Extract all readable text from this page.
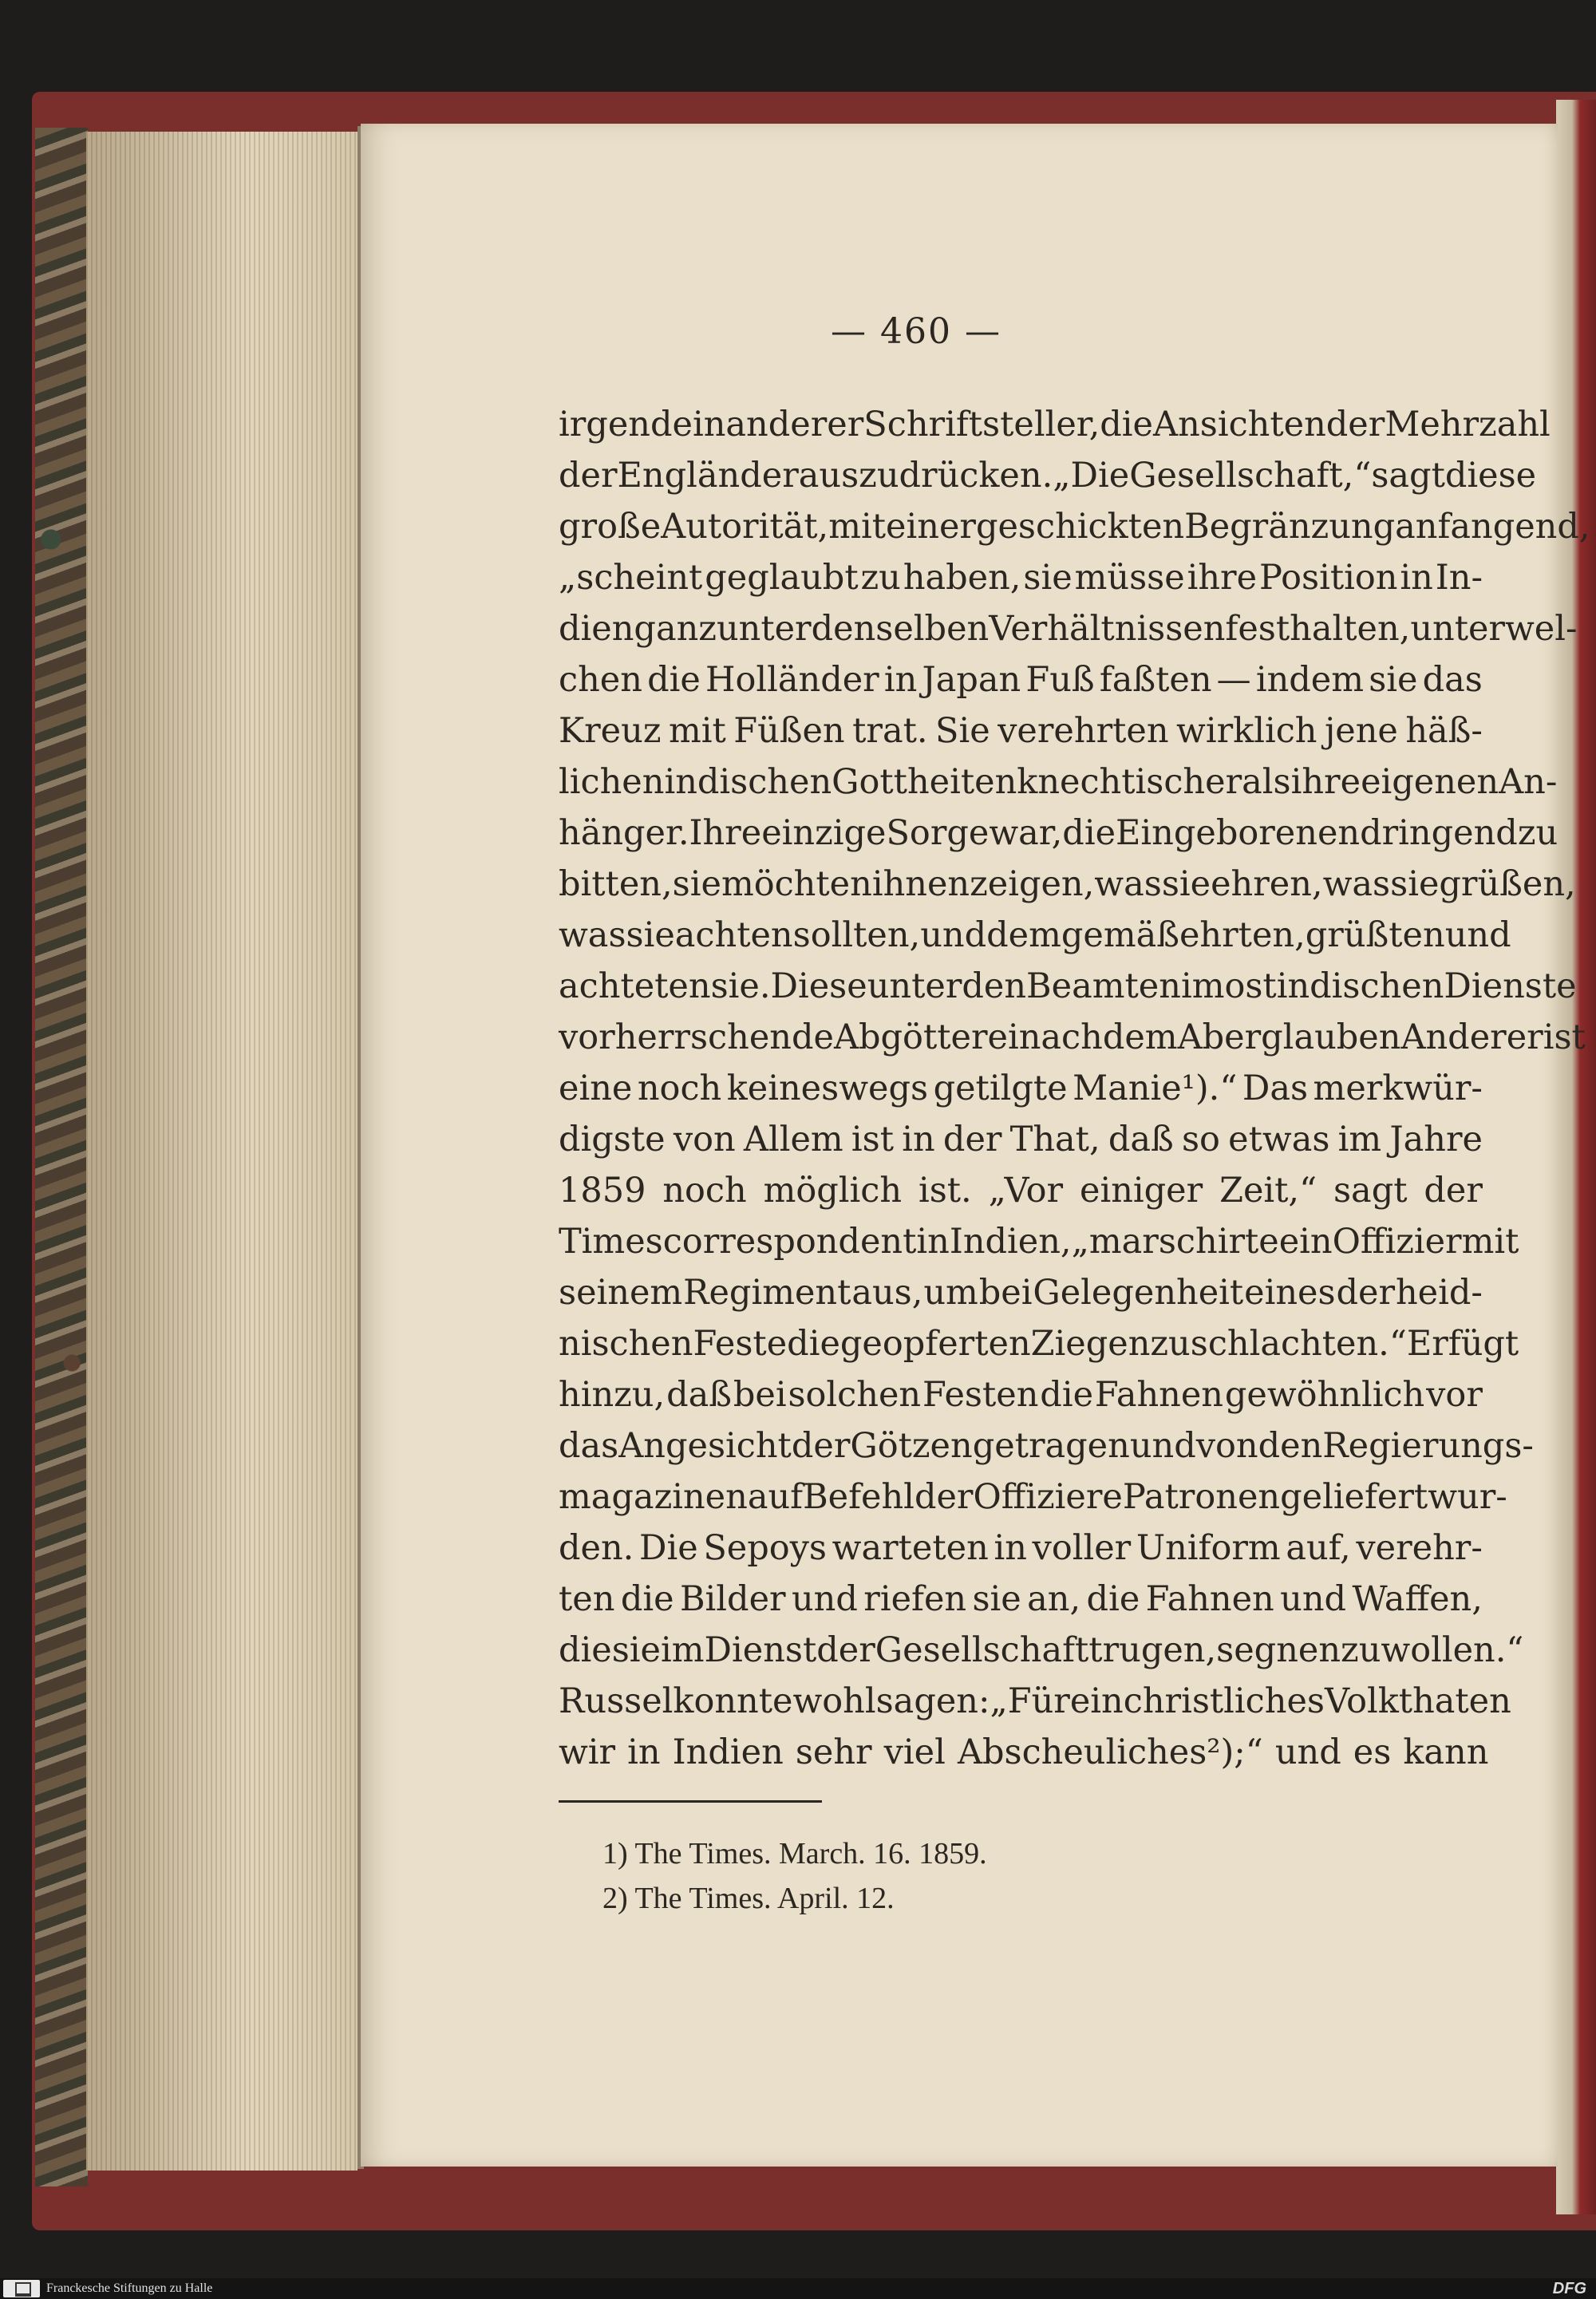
— 460 —
irgend ein anderer Schriftsteller, die Ansichten der Mehrzahl
der Engländer auszudrücken. „Die Gesellschaft,“ sagt diese
große Autorität, mit einer geschickten Begränzung anfangend,
„scheint geglaubt zu haben, sie müsse ihre Position in In-
dien ganz unter denselben Verhältnissen festhalten, unter wel-
chen die Holländer in Japan Fuß faßten — indem sie das
Kreuz mit Füßen trat. Sie verehrten wirklich jene häß-
lichen indischen Gottheiten knechtischer als ihre eigenen An-
hänger. Ihre einzige Sorge war, die Eingeborenen dringend zu
bitten, sie möchten ihnen zeigen, was sie ehren, was sie grüßen,
was sie achten sollten, und demgemäß ehrten, grüßten und
achteten sie. Diese unter den Beamten im ostindischen Dienste
vorherrschende Abgötterei nach dem Aberglauben Anderer ist
eine noch keineswegs getilgte Manie¹).“ Das merkwür-
digste von Allem ist in der That, daß so etwas im Jahre
1859 noch möglich ist. „Vor einiger Zeit,“ sagt der
Timescorrespondent in Indien, „marschirte ein Offizier mit
seinem Regiment aus, um bei Gelegenheit eines der heid-
nischen Feste die geopferten Ziegen zu schlachten.“ Er fügt
hinzu, daß bei solchen Festen die Fahnen gewöhnlich vor
das Angesicht der Götzen getragen und von den Regierungs-
magazinen auf Befehl der Offiziere Patronen geliefert wur-
den. Die Sepoys warteten in voller Uniform auf, verehr-
ten die Bilder und riefen sie an, die Fahnen und Waffen,
die sie im Dienst der Gesellschaft trugen, segnen zu wollen.“
Russel konnte wohl sagen: „Für ein christliches Volk thaten
wir in Indien sehr viel Abscheuliches²);“ und es kann
1) The Times. March. 16. 1859.
2) The Times. April. 12.
Franckesche Stiftungen zu Halle	DFG
